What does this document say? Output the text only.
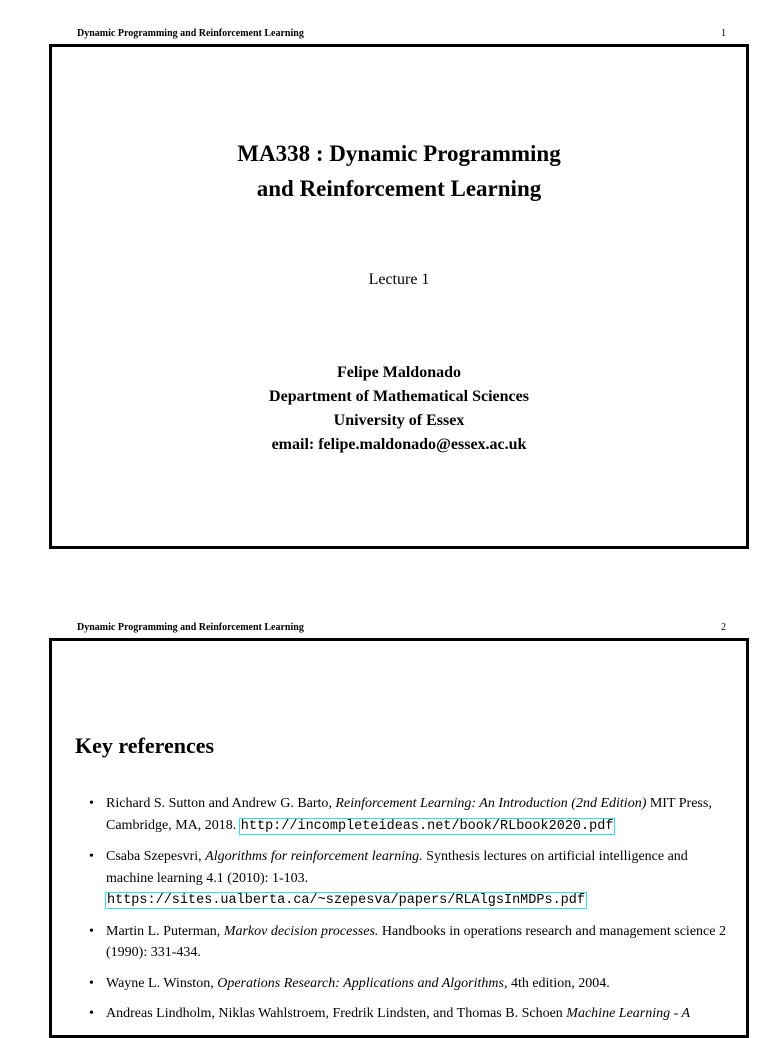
Dynamic Programming and Reinforcement Learning	1
MA338 : Dynamic Programming
and Reinforcement Learning
Lecture 1
Felipe Maldonado
Department of Mathematical Sciences
University of Essex
email: felipe.maldonado@essex.ac.uk
Dynamic Programming and Reinforcement Learning	2
Key references
• Richard S. Sutton and Andrew G. Barto, Reinforcement Learning: An Introduction (2nd Edition) MIT Press, Cambridge, MA, 2018. http://incompleteideas.net/book/RLbook2020.pdf
• Csaba Szepesvri, Algorithms for reinforcement learning. Synthesis lectures on artificial intelligence and machine learning 4.1 (2010): 1-103. https://sites.ualberta.ca/~szepesva/papers/RLAlgsInMDPs.pdf
• Martin L. Puterman, Markov decision processes. Handbooks in operations research and management science 2 (1990): 331-434.
• Wayne L. Winston, Operations Research: Applications and Algorithms, 4th edition, 2004.
• Andreas Lindholm, Niklas Wahlstroem, Fredrik Lindsten, and Thomas B. Schoen Machine Learning - A
